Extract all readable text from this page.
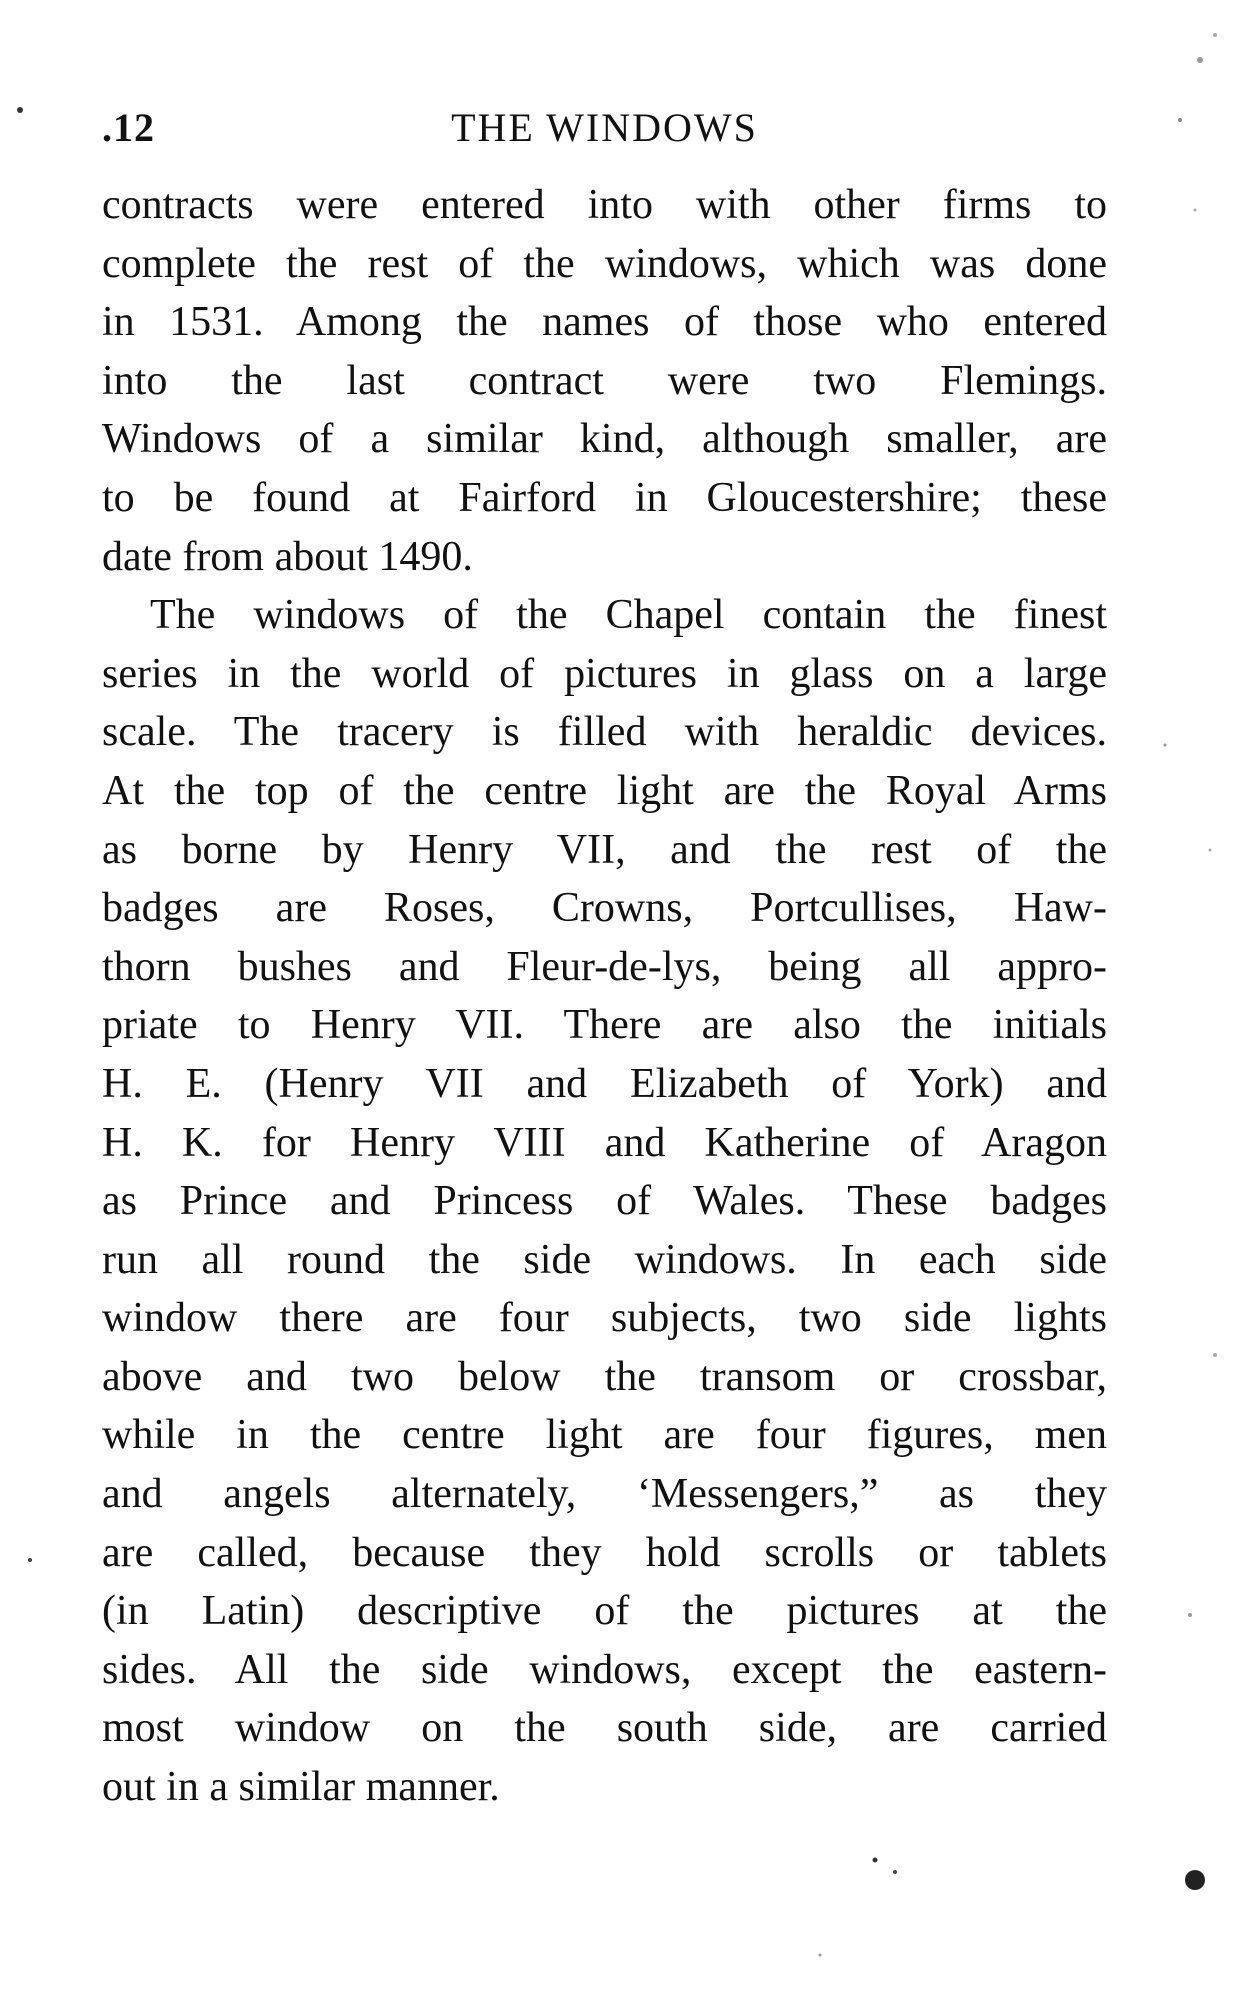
.12	THE WINDOWS
contracts were entered into with other firms to
complete the rest of the windows, which was done
in 1531. Among the names of those who entered
into the last contract were two Flemings.
Windows of a similar kind, although smaller, are
to be found at Fairford in Gloucestershire; these
date from about 1490.
The windows of the Chapel contain the finest
series in the world of pictures in glass on a large
scale. The tracery is filled with heraldic devices.
At the top of the centre light are the Royal Arms
as borne by Henry VII, and the rest of the
badges are Roses, Crowns, Portcullises, Haw-
thorn bushes and Fleur-de-lys, being all appro-
priate to Henry VII. There are also the initials
H. E. (Henry VII and Elizabeth of York) and
H. K. for Henry VIII and Katherine of Aragon
as Prince and Princess of Wales. These badges
run all round the side windows. In each side
window there are four subjects, two side lights
above and two below the transom or crossbar,
while in the centre light are four figures, men
and angels alternately, ‘Messengers,” as they
are called, because they hold scrolls or tablets
(in Latin) descriptive of the pictures at the
sides. All the side windows, except the eastern-
most window on the south side, are carried
out in a similar manner.
